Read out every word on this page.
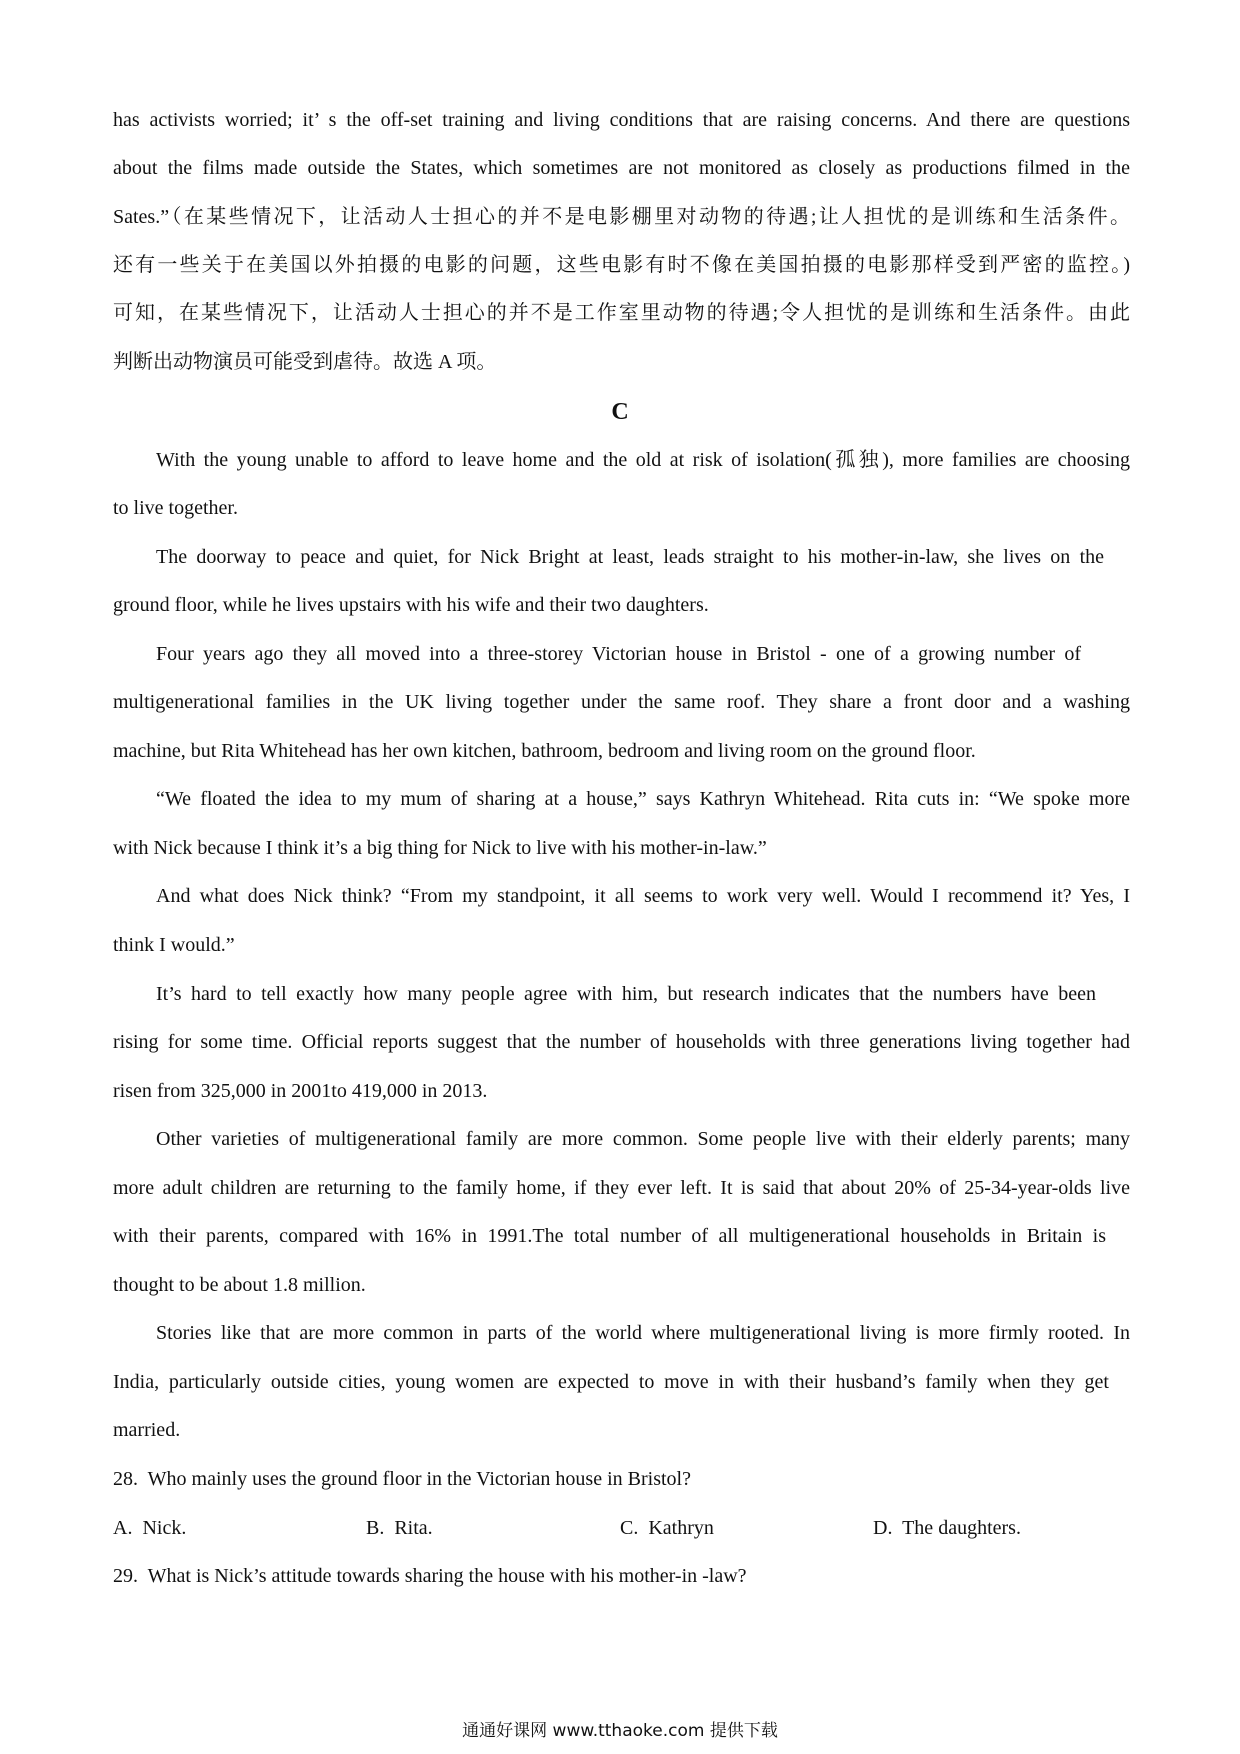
has activists worried; it’ s the off-set training and living conditions that are raising concerns. And there are questions
about the films made outside the States, which sometimes are not monitored as closely as productions filmed in the
Sates.”（在某些情况下，让活动人士担心的并不是电影棚里对动物的待遇;让人担忧的是训练和生活条件。
还有一些关于在美国以外拍摄的电影的问题，这些电影有时不像在美国拍摄的电影那样受到严密的监控。)
可知，在某些情况下，让活动人士担心的并不是工作室里动物的待遇;令人担忧的是训练和生活条件。由此
判断出动物演员可能受到虐待。故选 A 项。
C
With the young unable to afford to leave home and the old at risk of isolation(孤独), more families are choosing
to live together.
The doorway to peace and quiet, for Nick Bright at least, leads straight to his mother-in-law, she lives on the
ground floor, while he lives upstairs with his wife and their two daughters.
Four years ago they all moved into a three-storey Victorian house in Bristol - one of a growing number of
multigenerational families in the UK living together under the same roof. They share a front door and a washing
machine, but Rita Whitehead has her own kitchen, bathroom, bedroom and living room on the ground floor.
“We floated the idea to my mum of sharing at a house,” says Kathryn Whitehead. Rita cuts in: “We spoke more
with Nick because I think it’s a big thing for Nick to live with his mother-in-law.”
And what does Nick think? “From my standpoint, it all seems to work very well. Would I recommend it? Yes, I
think I would.”
It’s hard to tell exactly how many people agree with him, but research indicates that the numbers have been
rising for some time. Official reports suggest that the number of households with three generations living together had
risen from 325,000 in 2001to 419,000 in 2013.
Other varieties of multigenerational family are more common. Some people live with their elderly parents; many
more adult children are returning to the family home, if they ever left. It is said that about 20% of 25-34-year-olds live
with their parents, compared with 16% in 1991.The total number of all multigenerational households in Britain is
thought to be about 1.8 million.
Stories like that are more common in parts of the world where multigenerational living is more firmly rooted. In
India, particularly outside cities, young women are expected to move in with their husband’s family when they get
married.
28. Who mainly uses the ground floor in the Victorian house in Bristol?
A. Nick.	B. Rita.	C. Kathryn	D. The daughters.
29. What is Nick’s attitude towards sharing the house with his mother-in -law?
通通好课网 www.tthaoke.com 提供下载
